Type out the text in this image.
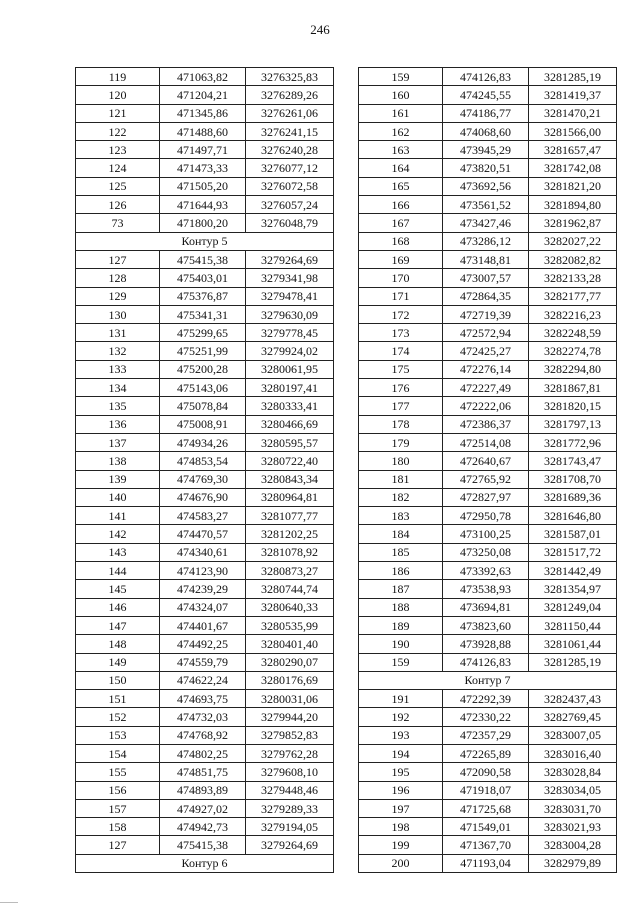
246
119	471063,82	3276325,83
120	471204,21	3276289,26
121	471345,86	3276261,06
122	471488,60	3276241,15
123	471497,71	3276240,28
124	471473,33	3276077,12
125	471505,20	3276072,58
126	471644,93	3276057,24
73	471800,20	3276048,79
Контур 5		
127	475415,38	3279264,69
128	475403,01	3279341,98
129	475376,87	3279478,41
130	475341,31	3279630,09
131	475299,65	3279778,45
132	475251,99	3279924,02
133	475200,28	3280061,95
134	475143,06	3280197,41
135	475078,84	3280333,41
136	475008,91	3280466,69
137	474934,26	3280595,57
138	474853,54	3280722,40
139	474769,30	3280843,34
140	474676,90	3280964,81
141	474583,27	3281077,77
142	474470,57	3281202,25
143	474340,61	3281078,92
144	474123,90	3280873,27
145	474239,29	3280744,74
146	474324,07	3280640,33
147	474401,67	3280535,99
148	474492,25	3280401,40
149	474559,79	3280290,07
150	474622,24	3280176,69
151	474693,75	3280031,06
152	474732,03	3279944,20
153	474768,92	3279852,83
154	474802,25	3279762,28
155	474851,75	3279608,10
156	474893,89	3279448,46
157	474927,02	3279289,33
158	474942,73	3279194,05
127	475415,38	3279264,69
Контур 6		
159	474126,83	3281285,19
160	474245,55	3281419,37
161	474186,77	3281470,21
162	474068,60	3281566,00
163	473945,29	3281657,47
164	473820,51	3281742,08
165	473692,56	3281821,20
166	473561,52	3281894,80
167	473427,46	3281962,87
168	473286,12	3282027,22
169	473148,81	3282082,82
170	473007,57	3282133,28
171	472864,35	3282177,77
172	472719,39	3282216,23
173	472572,94	3282248,59
174	472425,27	3282274,78
175	472276,14	3282294,80
176	472227,49	3281867,81
177	472222,06	3281820,15
178	472386,37	3281797,13
179	472514,08	3281772,96
180	472640,67	3281743,47
181	472765,92	3281708,70
182	472827,97	3281689,36
183	472950,78	3281646,80
184	473100,25	3281587,01
185	473250,08	3281517,72
186	473392,63	3281442,49
187	473538,93	3281354,97
188	473694,81	3281249,04
189	473823,60	3281150,44
190	473928,88	3281061,44
159	474126,83	3281285,19
Контур 7		
191	472292,39	3282437,43
192	472330,22	3282769,45
193	472357,29	3283007,05
194	472265,89	3283016,40
195	472090,58	3283028,84
196	471918,07	3283034,05
197	471725,68	3283031,70
198	471549,01	3283021,93
199	471367,70	3283004,28
200	471193,04	3282979,89
